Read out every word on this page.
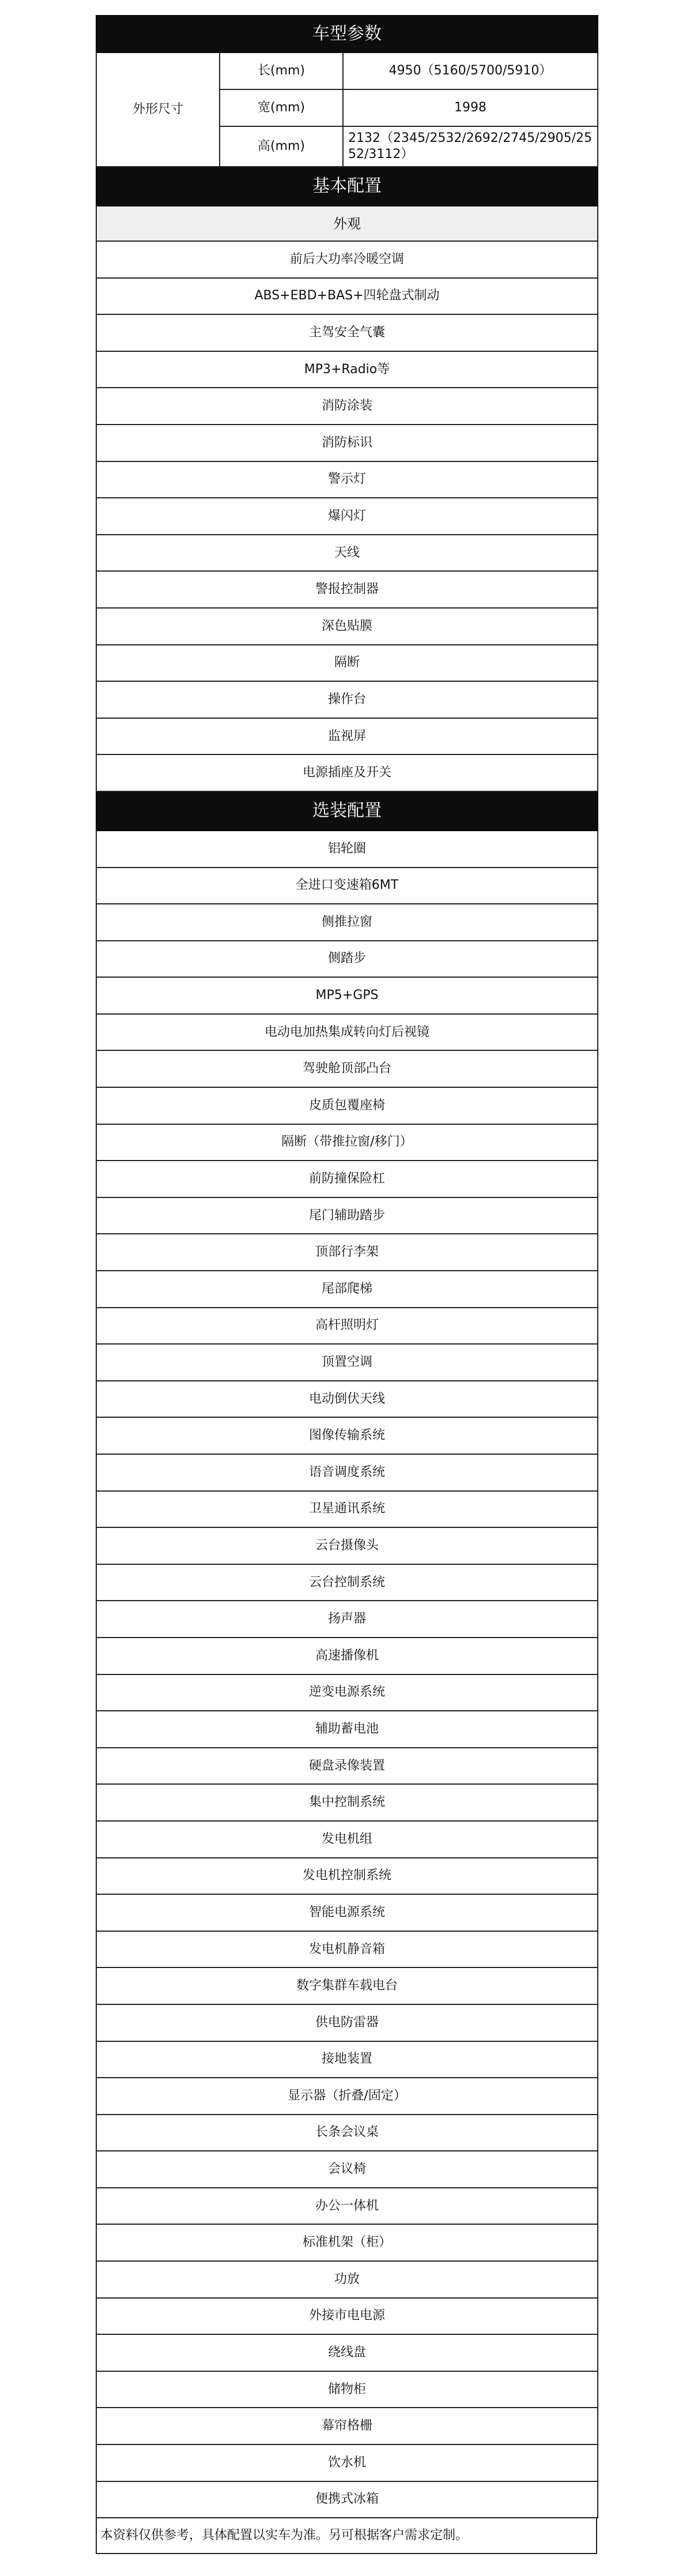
车型参数		
外形尺寸	长(mm)	4950（5160/5700/5910）
	宽(mm)	1998
	高(mm)	2132（2345/2532/2692/2745/2905/2552/3112）
基本配置		
外观		
前后大功率冷暖空调		
ABS+EBD+BAS+四轮盘式制动		
主驾安全气囊		
MP3+Radio等		
消防涂装		
消防标识		
警示灯		
爆闪灯		
天线		
警报控制器		
深色贴膜		
隔断		
操作台		
监视屏		
电源插座及开关		
选装配置		
铝轮圈		
全进口变速箱6MT		
侧推拉窗		
侧踏步		
MP5+GPS		
电动电加热集成转向灯后视镜		
驾驶舱顶部凸台		
皮质包覆座椅		
隔断（带推拉窗/移门）		
前防撞保险杠		
尾门辅助踏步		
顶部行李架		
尾部爬梯		
高杆照明灯		
顶置空调		
电动倒伏天线		
图像传输系统		
语音调度系统		
卫星通讯系统		
云台摄像头		
云台控制系统		
扬声器		
高速播像机		
逆变电源系统		
辅助蓄电池		
硬盘录像装置		
集中控制系统		
发电机组		
发电机控制系统		
智能电源系统		
发电机静音箱		
数字集群车载电台		
供电防雷器		
接地装置		
显示器（折叠/固定）		
长条会议桌		
会议椅		
办公一体机		
标准机架（柜）		
功放		
外接市电电源		
绕线盘		
储物柜		
幕帘格栅		
饮水机		
便携式冰箱		
本资料仅供参考，具体配置以实车为准。另可根据客户需求定制。
